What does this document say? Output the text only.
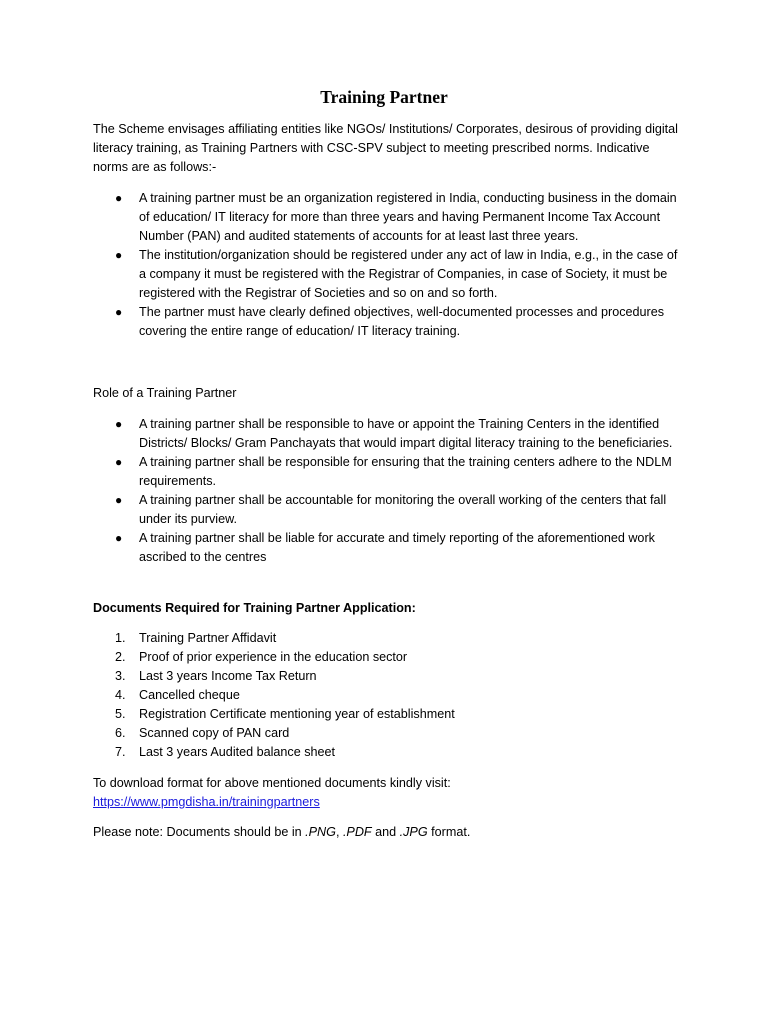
Training Partner

The Scheme envisages affiliating entities like NGOs/ Institutions/ Corporates, desirous of providing digital literacy training, as Training Partners with CSC-SPV subject to meeting prescribed norms. Indicative norms are as follows:-

●	A training partner must be an organization registered in India, conducting business in the domain of education/ IT literacy for more than three years and having Permanent Income Tax Account Number (PAN) and audited statements of accounts for at least last three years.
●	The institution/organization should be registered under any act of law in India, e.g., in the case of a company it must be registered with the Registrar of Companies, in case of Society, it must be registered with the Registrar of Societies and so on and so forth.
●	The partner must have clearly defined objectives, well-documented processes and procedures covering the entire range of education/ IT literacy training.

Role of a Training Partner

●	A training partner shall be responsible to have or appoint the Training Centers in the identified Districts/ Blocks/ Gram Panchayats that would impart digital literacy training to the beneficiaries.
●	A training partner shall be responsible for ensuring that the training centers adhere to the NDLM requirements.
●	A training partner shall be accountable for monitoring the overall working of the centers that fall under its purview.
●	A training partner shall be liable for accurate and timely reporting of the aforementioned work ascribed to the centres

Documents Required for Training Partner Application:

1.	Training Partner Affidavit
2.	Proof of prior experience in the education sector
3.	Last 3 years Income Tax Return
4.	Cancelled cheque
5.	Registration Certificate mentioning year of establishment
6.	Scanned copy of PAN card
7.	Last 3 years Audited balance sheet

To download format for above mentioned documents kindly visit:

https://www.pmgdisha.in/trainingpartners

Please note: Documents should be in .PNG, .PDF and .JPG format.
